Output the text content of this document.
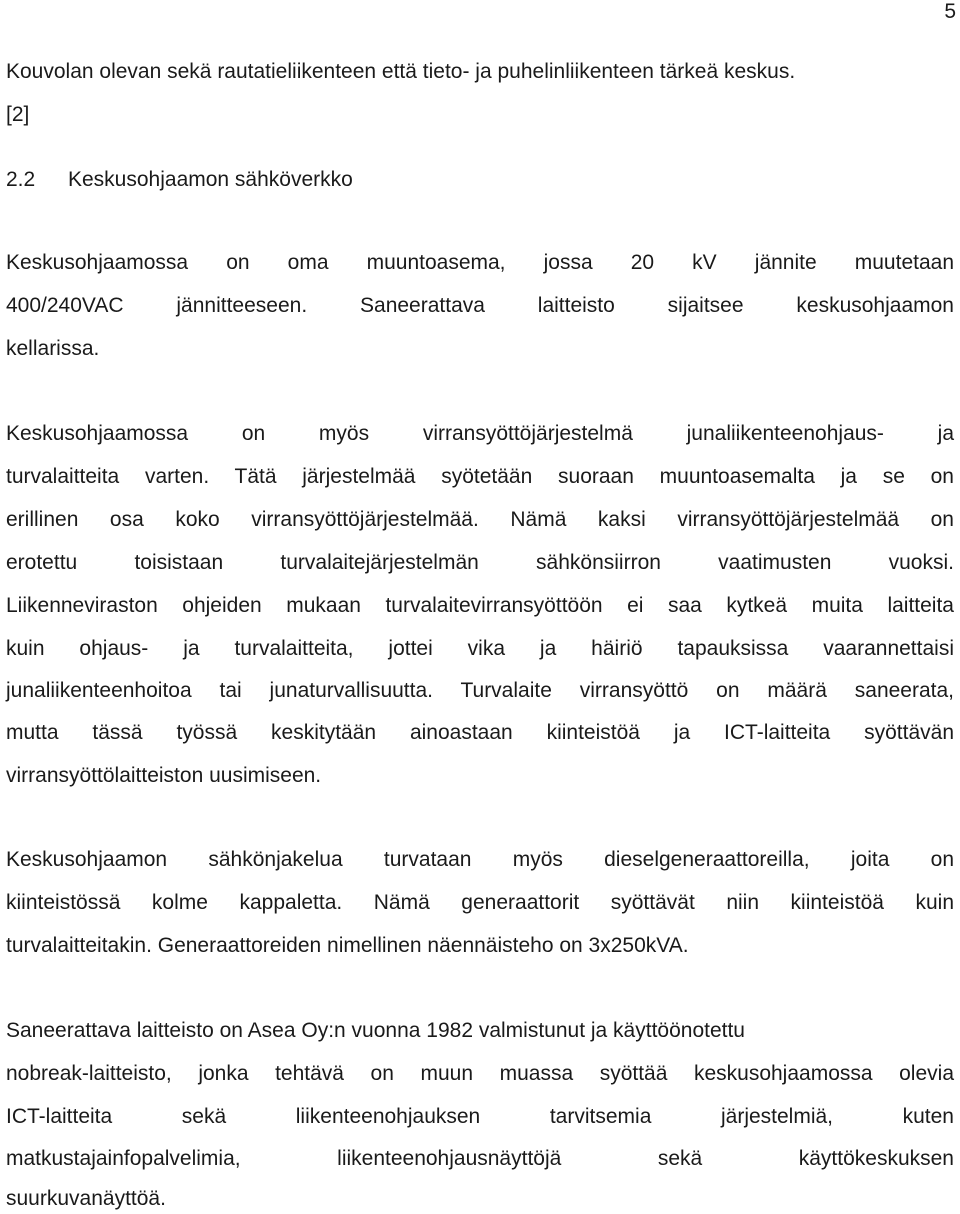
5
Kouvolan olevan sekä rautatieliikenteen että tieto- ja puhelinliikenteen tärkeä keskus.
[2]
2.2 Keskusohjaamon sähköverkko
Keskusohjaamossa on oma muuntoasema, jossa 20 kV jännite muutetaan
400/240VAC jännitteeseen. Saneerattava laitteisto sijaitsee keskusohjaamon
kellarissa.
Keskusohjaamossa on myös virransyöttöjärjestelmä junaliikenteenohjaus- ja
turvalaitteita varten. Tätä järjestelmää syötetään suoraan muuntoasemalta ja se on
erillinen osa koko virransyöttöjärjestelmää. Nämä kaksi virransyöttöjärjestelmää on
erotettu toisistaan turvalaitejärjestelmän sähkönsiirron vaatimusten vuoksi.
Liikenneviraston ohjeiden mukaan turvalaitevirransyöttöön ei saa kytkeä muita laitteita
kuin ohjaus- ja turvalaitteita, jottei vika ja häiriö tapauksissa vaarannettaisi
junaliikenteenhoitoa tai junaturvallisuutta. Turvalaite virransyöttö on määrä saneerata,
mutta tässä työssä keskitytään ainoastaan kiinteistöä ja ICT-laitteita syöttävän
virransyöttölaitteiston uusimiseen.
Keskusohjaamon sähkönjakelua turvataan myös dieselgeneraattoreilla, joita on
kiinteistössä kolme kappaletta. Nämä generaattorit syöttävät niin kiinteistöä kuin
turvalaitteitakin. Generaattoreiden nimellinen näennäisteho on 3x250kVA.
Saneerattava laitteisto on Asea Oy:n vuonna 1982 valmistunut ja käyttöönotettu
nobreak-laitteisto, jonka tehtävä on muun muassa syöttää keskusohjaamossa olevia
ICT-laitteita sekä liikenteenohjauksen tarvitsemia järjestelmiä, kuten
matkustajainfopalvelimia, liikenteenohjausnäyttöjä sekä käyttökeskuksen
suurkuvanäyttöä.
